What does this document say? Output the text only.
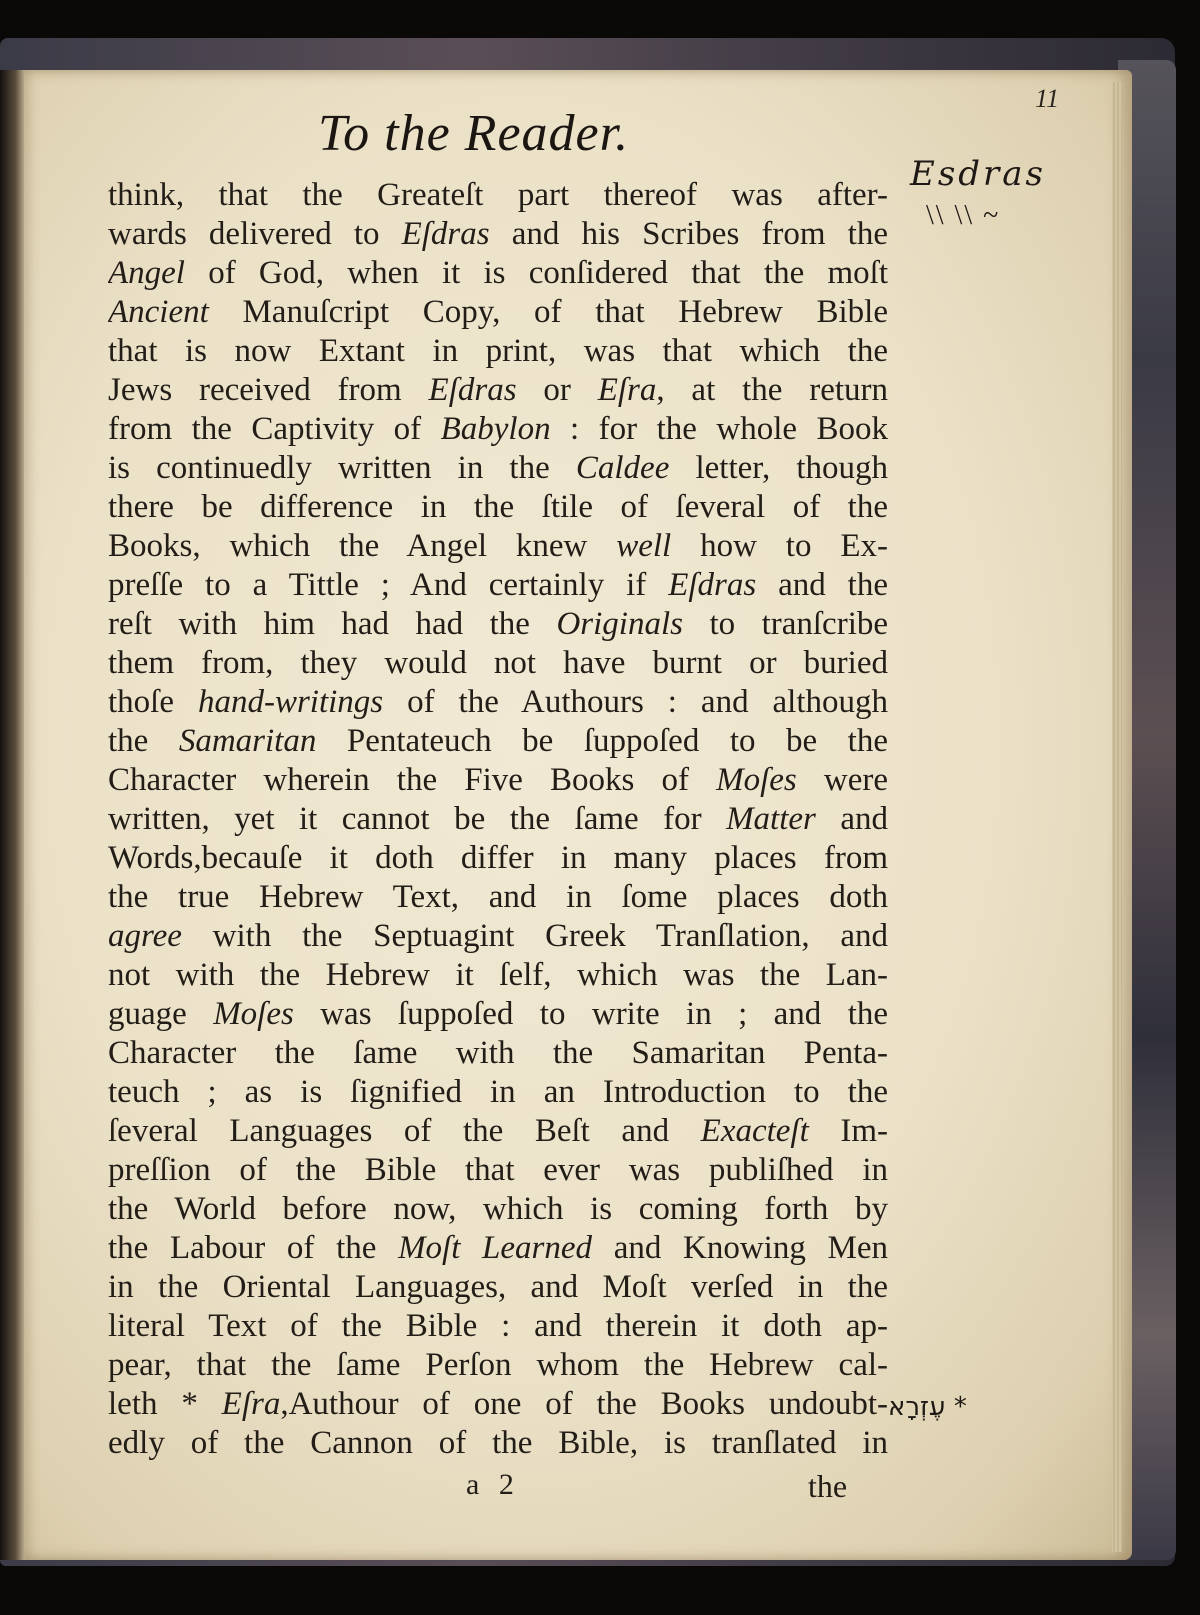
To the Reader.
11
Esdras
\\ \\ ~
think, that the Greateſt part thereof was after-
wards delivered to Eſdras and his Scribes from the
Angel of God, when it is conſidered that the moſt
Ancient Manuſcript Copy, of that Hebrew Bible
that is now Extant in print, was that which the
Jews received from Eſdras or Eſra, at the return
from the Captivity of Babylon : for the whole Book
is continuedly written in the Caldee letter, though
there be difference in the ſtile of ſeveral of the
Books, which the Angel knew well how to Ex-
preſſe to a Tittle ; And certainly if Eſdras and the
reſt with him had had the Originals to tranſcribe
them from, they would not have burnt or buried
thoſe hand-writings of the Authours : and although
the Samaritan Pentateuch be ſuppoſed to be the
Character wherein the Five Books of Moſes were
written, yet it cannot be the ſame for Matter and
Words,becauſe it doth differ in many places from
the true Hebrew Text, and in ſome places doth
agree with the Septuagint Greek Tranſlation, and
not with the Hebrew it ſelf, which was the Lan-
guage Moſes was ſuppoſed to write in ; and the
Character the ſame with the Samaritan Penta-
teuch ; as is ſignified in an Introduction to the
ſeveral Languages of the Beſt and Exacteſt Im-
preſſion of the Bible that ever was publiſhed in
the World before now, which is coming forth by
the Labour of the Moſt Learned and Knowing Men
in the Oriental Languages, and Moſt verſed in the
literal Text of the Bible : and therein it doth ap-
pear, that the ſame Perſon whom the Hebrew cal-
leth * Eſra,Authour of one of the Books undoubt-
edly of the Cannon of the Bible, is tranſlated in
עֶזְרָא *
a 2	the
